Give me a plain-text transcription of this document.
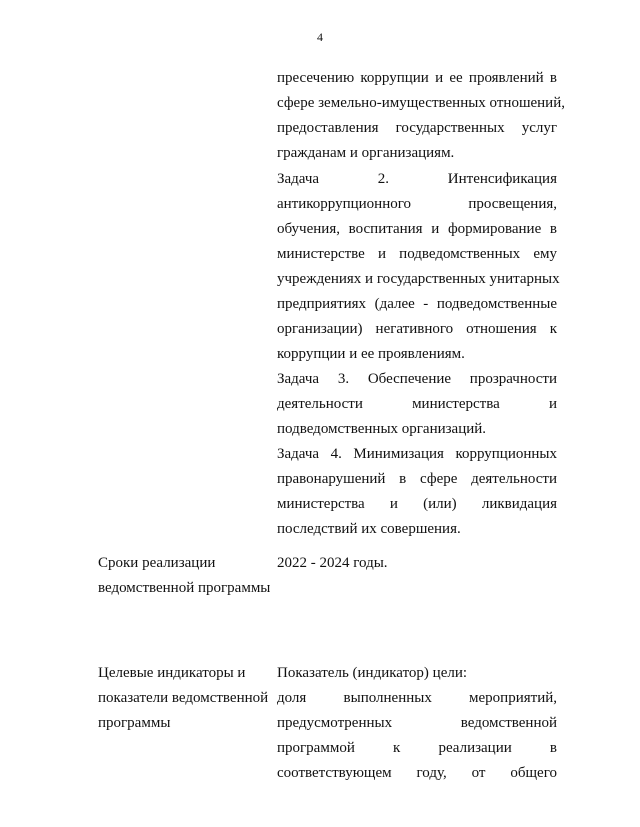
4
пресечению коррупции и ее проявлений в
сфере земельно-имущественных отношений,
предоставления государственных услуг
гражданам и организациям.
Задача 2. Интенсификация
антикоррупционного просвещения,
обучения, воспитания и формирование в
министерстве и подведомственных ему
учреждениях и государственных унитарных
предприятиях (далее - подведомственные
организации) негативного отношения к
коррупции и ее проявлениям.
Задача 3. Обеспечение прозрачности
деятельности министерства и
подведомственных организаций.
Задача 4. Минимизация коррупционных
правонарушений в сфере деятельности
министерства и (или) ликвидация
последствий их совершения.
Сроки реализации
ведомственной программы
2022 - 2024 годы.
Целевые индикаторы и
показатели ведомственной
программы
Показатель (индикатор) цели:
доля выполненных мероприятий,
предусмотренных ведомственной
программой к реализации в
соответствующем году, от общего
